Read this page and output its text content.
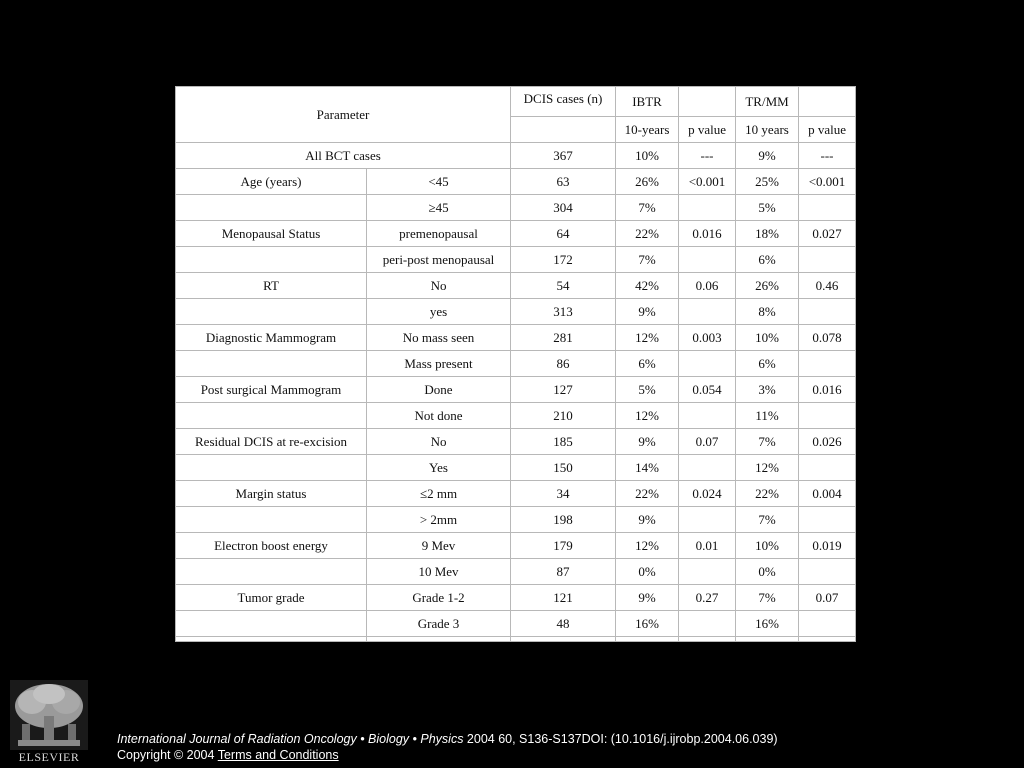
Parameter		DCIS cases (n)	IBTR		TR/MM	
			10-years	p value	10 years	p value
All BCT cases		367	10%	---	9%	---
Age (years)	<45	63	26%	<0.001	25%	<0.001
	≥45	304	7%		5%	
Menopausal Status	premenopausal	64	22%	0.016	18%	0.027
	peri-post menopausal	172	7%		6%	
RT	No	54	42%	0.06	26%	0.46
	yes	313	9%		8%	
Diagnostic Mammogram	No mass seen	281	12%	0.003	10%	0.078
	Mass present	86	6%		6%	
Post surgical Mammogram	Done	127	5%	0.054	3%	0.016
	Not done	210	12%		11%	
Residual DCIS at re-excision	No	185	9%	0.07	7%	0.026
	Yes	150	14%		12%	
Margin status	≤2 mm	34	22%	0.024	22%	0.004
	> 2mm	198	9%		7%	
Electron boost energy	9 Mev	179	12%	0.01	10%	0.019
	10 Mev	87	0%		0%	
Tumor grade	Grade 1-2	121	9%	0.27	7%	0.07
	Grade 3	48	16%		16%	

ELSEVIER
International Journal of Radiation Oncology • Biology • Physics 2004 60, S136-S137DOI: (10.1016/j.ijrobp.2004.06.039)
Copyright © 2004 Terms and Conditions
